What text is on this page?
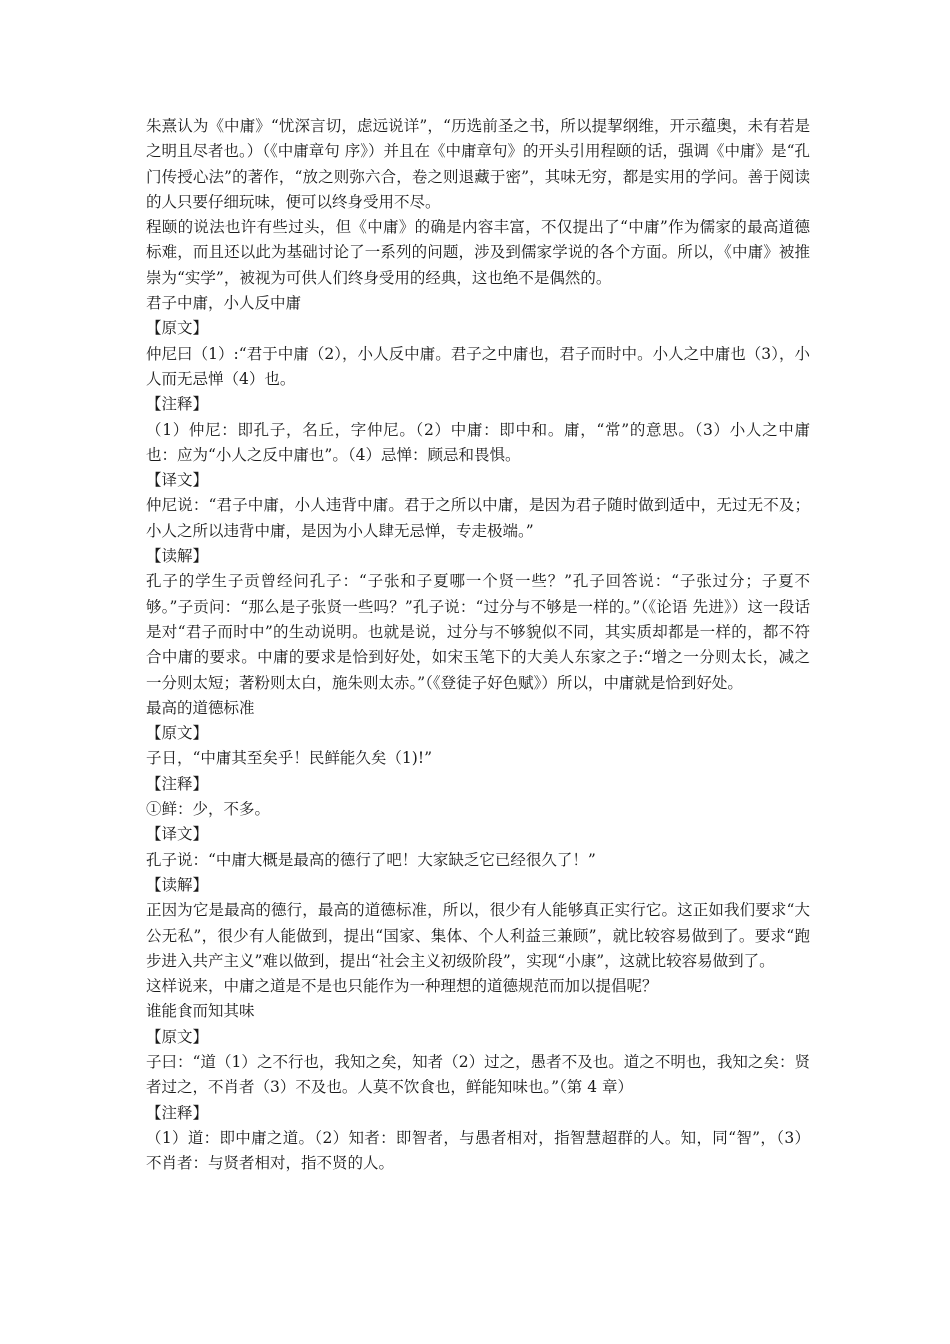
朱熹认为《中庸》“忧深言切，虑远说详”，“历选前圣之书，所以提挈纲维，开示蕴奥，未有若是之明且尽者也。）（《中庸章句 序》）并且在《中庸章句》的开头引用程颐的话，强调《中庸》是“孔门传授心法”的著作，“放之则弥六合，卷之则退藏于密”，其味无穷，都是实用的学问。善于阅读的人只要仔细玩味，便可以终身受用不尽。

程颐的说法也许有些过头，但《中庸》的确是内容丰富，不仅提出了“中庸”作为儒家的最高道德标难，而且还以此为基础讨论了一系列的问题，涉及到儒家学说的各个方面。所以，《中庸》被推崇为“实学”，被视为可供人们终身受用的经典，这也绝不是偶然的。

君子中庸，小人反中庸

【原文】

仲尼曰（1）:“君于中庸（2），小人反中庸。君子之中庸也，君子而时中。小人之中庸也（3），小人而无忌惮（4）也。

【注释】

（1）仲尼：即孔子，名丘，字仲尼。（2）中庸：即中和。庸，“常”的意思。（3）小人之中庸也：应为“小人之反中庸也”。（4）忌惮：顾忌和畏惧。

【译文】

仲尼说：“君子中庸，小人违背中庸。君于之所以中庸，是因为君子随时做到适中，无过无不及；小人之所以违背中庸，是因为小人肆无忌惮，专走极端。”

【读解】

孔子的学生子贡曾经问孔子：“子张和子夏哪一个贤一些？”孔子回答说：“子张过分；子夏不够。”子贡问：“那么是子张贤一些吗？”孔子说：“过分与不够是一样的。”（《论语 先进》）这一段话是对“君子而时中”的生动说明。也就是说，过分与不够貌似不同，其实质却都是一样的，都不符合中庸的要求。中庸的要求是恰到好处，如宋玉笔下的大美人东家之子:“增之一分则太长，减之一分则太短；著粉则太白，施朱则太赤。”（《登徒子好色赋》）所以，中庸就是恰到好处。

最高的道德标准

【原文】

子日，“中庸其至矣乎！民鲜能久矣（1)!”

【注释】

①鲜：少，不多。

【译文】

孔子说：“中庸大概是最高的德行了吧！大家缺乏它已经很久了！”

【读解】

正因为它是最高的德行，最高的道德标准，所以，很少有人能够真正实行它。这正如我们要求“大公无私”，很少有人能做到，提出“国家、集体、个人利益三兼顾”，就比较容易做到了。要求“跑步进入共产主义”难以做到，提出“社会主义初级阶段”，实现“小康”，这就比较容易做到了。

这样说来，中庸之道是不是也只能作为一种理想的道德规范而加以提倡呢？

谁能食而知其味

【原文】

子曰：“道（1）之不行也，我知之矣，知者（2）过之，愚者不及也。道之不明也，我知之矣：贤者过之，不肖者（3）不及也。人莫不饮食也，鲜能知味也。”（第 4 章）

【注释】

（1）道：即中庸之道。（2）知者：即智者，与愚者相对，指智慧超群的人。知，同“智”，（3）不肖者：与贤者相对，指不贤的人。
